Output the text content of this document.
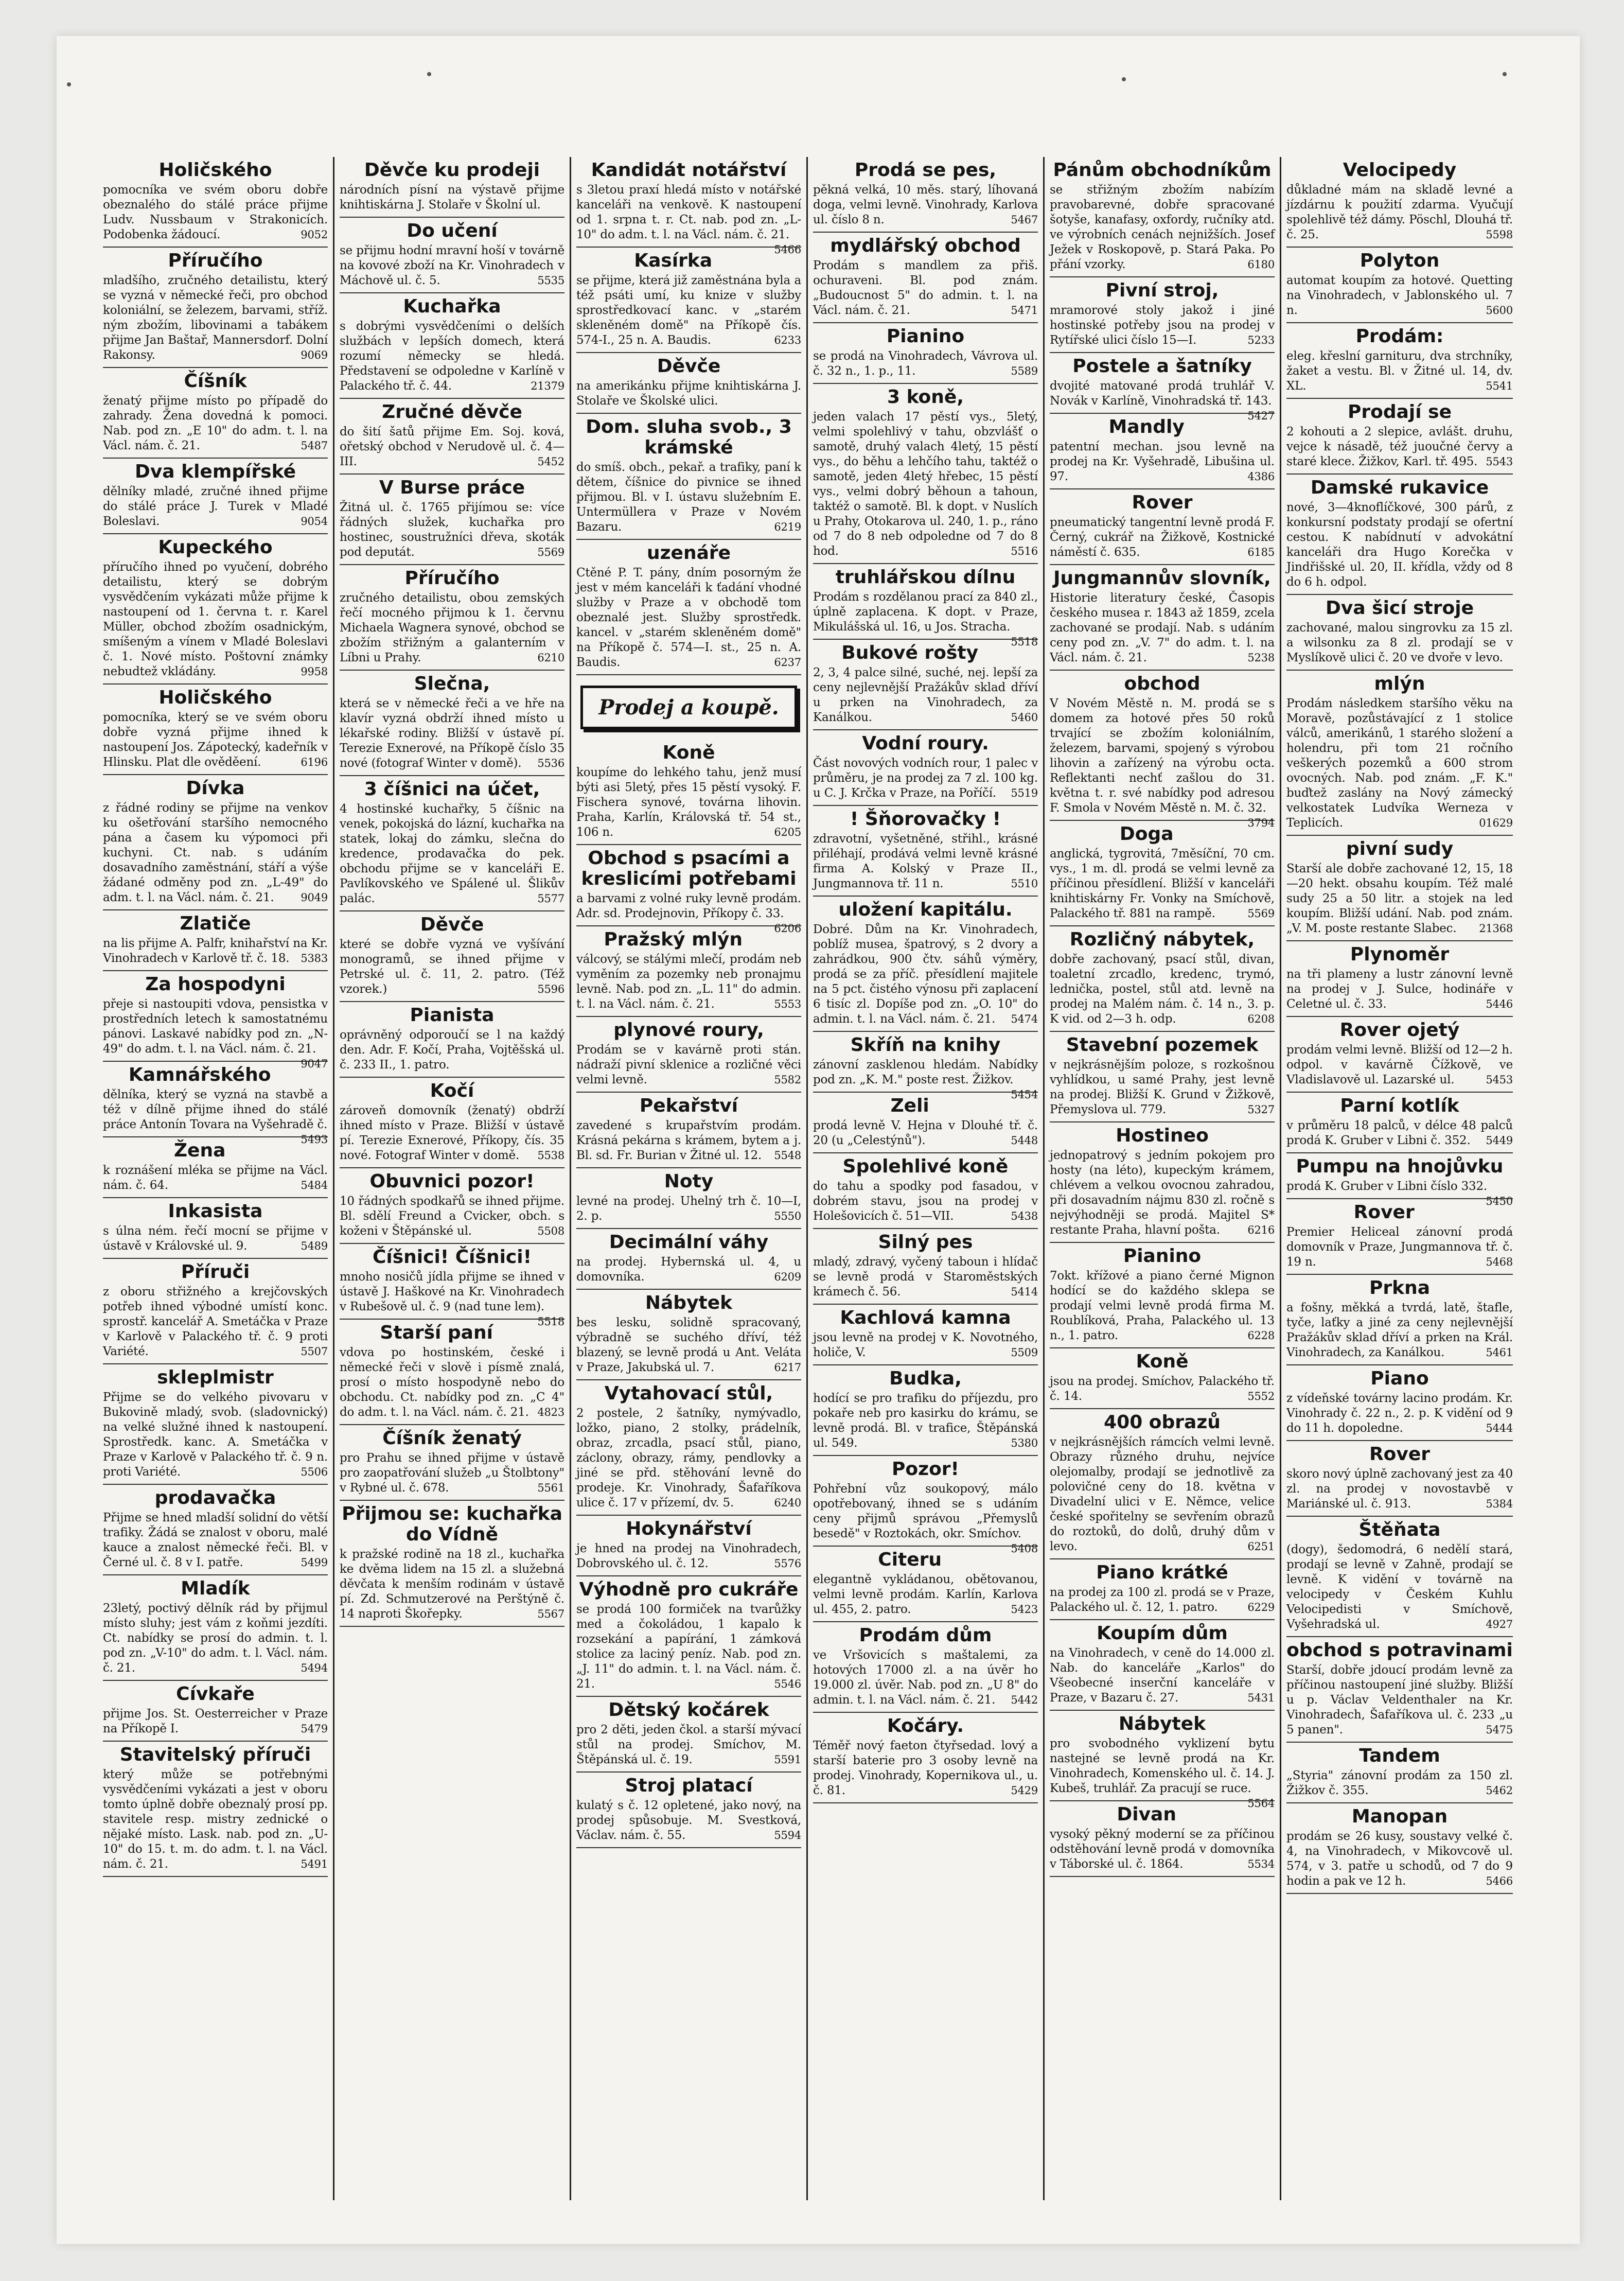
Holičského

pomocníka ve svém oboru dobře obeznalého do stálé práce přijme Ludv. Nussbaum v Strakonicích. Podobenka žádoucí.	9052

Příručího

mladšího, zručného detailistu, který se vyzná v německé řeči, pro obchod koloniální, se železem, barvami, stříž. ným zbožím, libovinami a tabákem přijme Jan Baštař, Mannersdorf. Dolní Rakonsy.	9069

Číšník

ženatý přijme místo po případě do zahrady. Žena dovedná k pomoci. Nab. pod zn. „E 10" do adm. t. l. na Václ. nám. č. 21.	5487

Dva klempířské

dělníky mladé, zručné ihned přijme do stálé práce J. Turek v Mladé Boleslavi.	9054

Kupeckého

příručího ihned po vyučení, dobrého detailistu, který se dobrým vysvědčením vykázati může přijme k nastoupení od 1. června t. r. Karel Müller, obchod zbožím osadnickým, smíšeným a vínem v Mladé Boleslavi č. 1. Nové místo. Poštovní známky nebudtež vkládány.	9958

Holičského

pomocníka, který se ve svém oboru dobře vyzná přijme ihned k nastoupení Jos. Zápotecký, kadeřník v Hlinsku. Plat dle ověděení.	6196

Dívka

z řádné rodiny se přijme na venkov ku ošetřování staršího nemocného pána a časem ku výpomoci při kuchyni. Ct. nab. s udáním dosavadního zaměstnání, stáří a výše žádané odměny pod zn. „L-49" do adm. t. l. na Václ. nám. č. 21. 9049

Zlatiče

na lis přijme A. Palfr, knihařství na Kr. Vinohradech v Karlově tř. č. 18. 5383

Za hospodyni

přeje si nastoupiti vdova, pensistka v prostředních letech k samostatnému pánovi. Laskavé nabídky pod zn. „N-49" do adm. t. l. na Václ. nám. č. 21.
9047

Kamnářského

dělníka, který se vyzná na stavbě a též v dílně přijme ihned do stálé práce Antonín Tovara na Vyšehradě č.
5493

Žena

k roznášení mléka se přijme na Václ. nám. č. 64.	5484

Inkasista

s úlna ném. řečí mocní se přijme v ústavě v Královské ul. 9.	5489

Příruči

z oboru střižného a krejčovských potřeb ihned výbodné umístí konc. sprostř. kancelář A. Smetáčka v Praze v Karlově v Palackého tř. č. 9 proti Variété.	5507

skleplmistr

Přijme se do velkého pivovaru v Bukovině mladý, svob. (sladovnický) na velké služné ihned k nastoupení. Sprostředk. kanc. A. Smetáčka v Praze v Karlově v Palackého tř. č. 9 n. proti Variété.	5506

prodavačka

Přijme se hned mladší solidní do větší trafiky. Žádá se znalost v oboru, malé kauce a znalost německé řeči. Bl. v Černé ul. č. 8 v I. patře.	5499

Mladík

23letý, poctivý dělník rád by přijmul místo sluhy; jest vám z koňmi jezdíti. Ct. nabídky se prosí do admin. t. l. pod zn. „V-10" do adm. t. l. Václ. nám. č. 21.	5494

Cívkaře

přijme Jos. St. Oesterreicher v Praze na Příkopě I.	5479

Stavitelský příruči

který může se potřebnými vysvědčeními vykázati a jest v oboru tomto úplně dobře obeznalý prosí pp. stavitele resp. mistry zednické o nějaké místo. Lask. nab. pod zn. „U-10" do 15. t. m. do adm. t. l. na Václ. nám. č. 21.	5491

Děvče ku prodeji

národních písní na výstavě přijme knihtiskárna J. Stolaře v Školní ul.

Do učení

se přijmu hodní mravní hoší v továrně na kovové zboží na Kr. Vinohradech v Máchově ul. č. 5.	5535

Kuchařka

s dobrými vysvědčeními o delších službách v lepších domech, která rozumí německy se hledá. Představení se odpoledne v Karlíně v Palackého tř. č. 44.	21379

Zručné děvče

do šití šatů přijme Em. Soj. ková, ořetský obchod v Nerudově ul. č. 4—III.	5452

V Burse práce

Žitná ul. č. 1765 přijímou se: více řádných služek, kuchařka pro hostinec, soustružníci dřeva, skoták pod deputát.	5569

Příručího

zručného detailistu, obou zemských řečí mocného přijmou k 1. červnu Michaela Wagnera synové, obchod se zbožím střižným a galanterním v Líbni u Prahy.	6210

Slečna,

která se v německé řeči a ve hře na klavír vyzná obdrží ihned místo u lékařské rodiny. Bližší v ústavě pí. Terezie Exnerové, na Příkopě číslo 35 nové (fotograf Winter v domě). 5536

3 číšnici na účet,

4 hostinské kuchařky, 5 číšnic na venek, pokojská do lázní, kuchařka na statek, lokaj do zámku, slečna do kredence, prodavačka do pek. obchodu přijme se v kanceláři E. Pavlíkovského ve Spálené ul. Šlikův palác.	5577

Děvče

které se dobře vyzná ve vyšívání monogramů, se ihned přijme v Petrské ul. č. 11, 2. patro. (Též vzorek.)	5596

Pianista

oprávněný odporoučí se l na každý den. Adr. F. Kočí, Praha, Vojtěšská ul. č. 233 II., 1. patro.

Kočí

zároveň domovník (ženatý) obdrží ihned místo v Praze. Bližší v ústavě pí. Terezie Exnerové, Příkopy, čís. 35 nové. Fotograf Winter v domě. 5538

Obuvnici pozor!

10 řádných spodkařů se ihned přijme. Bl. sdělí Freund a Cvicker, obch. s koženi v Štěpánské ul.	5508

Číšnici! Číšnici!

mnoho nosičů jídla přijme se ihned v ústavě J. Haškové na Kr. Vinohradech v Rubešově ul. č. 9 (nad tune lem).
5518

Starší paní

vdova po hostinském, české i německé řeči v slově i písmě znalá, prosí o místo hospodyně nebo do obchodu. Ct. nabídky pod zn. „C 4" do adm. t. l. na Václ. nám. č. 21. 4823

Číšník ženatý

pro Prahu se ihned přijme v ústavě pro zaopatřování služeb „u Štolbtony" v Rybné ul. č. 678.	5561

Přijmou se: kuchařka do Vídně

k pražské rodině na 18 zl., kuchařka ke dvěma lidem na 15 zl. a služebná děvčata k menším rodinám v ústavě pí. Zd. Schmutzerové na Perštýně č. 14 naproti Škořepky.	5567

Kandidát notářství

s 3letou praxí hledá místo v notářské kanceláři na venkově. K nastoupení od 1. srpna t. r. Ct. nab. pod zn. „L-10" do adm. t. l. na Václ. nám. č. 21.
5466

Kasírka

se přijme, která již zaměstnána byla a též psáti umí, ku knize v služby sprostředkovací kanc. v „starém skleněném domě" na Příkopě čís. 574-I., 25 n. A. Baudis.	6233

Děvče

na amerikánku přijme knihtiskárna J. Stolaře ve Školské ulici.

Dom. sluha svob., 3 krámské

do smíš. obch., pekař. a trafiky, paní k dětem, číšnice do pivnice se ihned přijmou. Bl. v I. ústavu služebním E. Untermüllera v Praze v Novém Bazaru.	6219

uzenáře

Ctěné P. T. pány, dním posorným že jest v mém kanceláři k ťadání vhodné služby v Praze a v obchodě tom obeznalé jest. Služby sprostředk. kancel. v „starém skleněném domě" na Příkopě č. 574—I. st., 25 n. A. Baudis.	6237

Prodej a koupě.
Koně

koupíme do lehkého tahu, jenž musí býti asi 5letý, přes 15 pěstí vysoký. F. Fischera synové, továrna lihovin. Praha, Karlín, Královská tř. 54 st., 106 n.	6205

Obchod s psacími a kreslicími potřebami

a barvami z volné ruky levně prodám. Adr. sd. Prodejnovin, Příkopy č. 33.
6206

Pražský mlýn

válcový, se stálými mlečí, prodám neb vyměním za pozemky neb pronajmu levně. Nab. pod zn. „L. 11" do admin. t. l. na Václ. nám. č. 21.	5553

plynové roury,

Prodám se v kavárně proti stán. nádraží pivní sklenice a rozličné věci velmi levně.	5582

Pekařství

zavedené s krupařstvím prodám. Krásná pekárna s krámem, bytem a j. Bl. sd. Fr. Burian v Žitné ul. 12. 5548

Noty

levné na prodej. Uhelný trh č. 10—I, 2. p.	5550

Decimální váhy

na prodej. Hybernská ul. 4, u domovníka.	6209

Nábytek

bes lesku, solidně spracovaný, výbradně se suchého dříví, též blazený, se levně prodá u Ant. Veláta v Praze, Jakubská ul. 7.	6217

Vytahovací stůl,

2 postele, 2 šatníky, nymývadlo, ložko, piano, 2 stolky, prádelník, obraz, zrcadla, psací stůl, piano, záclony, obrazy, rámy, pendlovky a jiné se přd. stěhování levně do prodeje. Kr. Vinohrady, Šafaříkova ulice č. 17 v přízemí, dv. 5.	6240

Hokynářství

je hned na prodej na Vinohradech, Dobrovského ul. č. 12.	5576

Výhodně pro cukráře

se prodá 100 formiček na tvarůžky med a čokoládou, 1 kapalo k rozsekání a papírání, 1 zámková stolice za laciný peníz. Nab. pod zn. „J. 11" do admin. t. l. na Václ. nám. č. 21.	5546

Dětský kočárek

pro 2 děti, jeden čkol. a starší mývací stůl na prodej. Smíchov, M. Štěpánská ul. č. 19.	5591

Stroj platací

kulatý s č. 12 opletené, jako nový, na prodej spůsobuje. M. Svestková, Václav. nám. č. 55.	5594

Prodá se pes,

pěkná velká, 10 měs. starý, líhovaná doga, velmi levně. Vinohrady, Karlova ul. číslo 8 n.	5467

mydlářský obchod

Prodám s mandlem za přiš. ochuraveni. Bl. pod znám. „Budoucnost 5" do admin. t. l. na Václ. nám. č. 21.	5471

Pianino

se prodá na Vinohradech, Vávrova ul. č. 32 n., 1. p., 11.	5589

3 koně,

jeden valach 17 pěstí vys., 5letý, velmi spolehlivý v tahu, obzvlášť o samotě, druhý valach 4letý, 15 pěstí vys., do běhu a lehčího tahu, taktéž o samotě, jeden 4letý hřebec, 15 pěstí vys., velmi dobrý běhoun a tahoun, taktéž o samotě. Bl. k dopt. v Nuslích u Prahy, Otokarova ul. 240, 1. p., ráno od 7 do 8 neb odpoledne od 7 do 8 hod.	5516

truhlářskou dílnu

Prodám s rozdělanou prací za 840 zl., úplně zaplacena. K dopt. v Praze, Mikulášská ul. 16, u Jos. Stracha.
5518

Bukové rošty

2, 3, 4 palce silné, suché, nej. lepší za ceny nejlevnější Pražákův sklad dříví u prken na Vinohradech, za Kanálkou.	5460

Vodní roury.

Část novových vodních rour, 1 palec v průměru, je na prodej za 7 zl. 100 kg. u C. J. Krčka v Praze, na Poříčí. 5519

! Šňorovačky !

zdravotní, vyšetněné, střihl., krásné přiléhají, prodává velmi levně krásné firma A. Kolský v Praze II., Jungmannova tř. 11 n.	5510

uložení kapitálu.

Dobré. Dům na Kr. Vinohradech, poblíž musea, špatrový, s 2 dvory a zahrádkou, 900 čtv. sáhů výměry, prodá se za příč. přesídlení majitele na 5 pct. čistého výnosu při zaplacení 6 tisíc zl. Dopíše pod zn. „O. 10" do admin. t. l. na Václ. nám. č. 21. 5474

Skříň na knihy

zánovní zasklenou hledám. Nabídky pod zn. „K. M." poste rest. Žižkov.
5454

Zeli

prodá levně V. Hejna v Dlouhé tř. č. 20 (u „Celestýnů").	5448

Spolehlivé koně

do tahu a spodky pod fasadou, v dobrém stavu, jsou na prodej v Holešovicích č. 51—VII.	5438

Silný pes

mladý, zdravý, vyčený taboun i hlídač se levně prodá v Staroměstských krámech č. 56.	5414

Kachlová kamna

jsou levně na prodej v K. Novotného, holiče, V.	5509

Budka,

hodící se pro trafiku do příjezdu, pro pokaře neb pro kasirku do krámu, se levně prodá. Bl. v trafice, Štěpánská ul. 549.	5380

Pozor!

Pohřební vůz soukopový, málo opotřebovaný, ihned se s udáním ceny přijmů správou „Přemyslů besedě" v Roztokách, okr. Smíchov.
5408

Citeru

elegantně vykládanou, obětovanou, velmi levně prodám. Karlín, Karlova ul. 455, 2. patro.	5423

Prodám dům

ve Vršovicích s maštalemi, za hotových 17000 zl. a na úvěr ho 19.000 zl. úvěr. Nab. pod zn. „U 8" do admin. t. l. na Václ. nám. č. 21. 5442

Kočáry.

Téměř nový faeton čtyřsedad. lový a starší baterie pro 3 osoby levně na prodej. Vinohrady, Kopernikova ul., u. č. 81.	5429

Pánům obchodníkům

se střižným zbožím nabízím pravobarevné, dobře spracované šotyše, kanafasy, oxfordy, ručníky atd. ve výrobních cenách nejnižších. Josef Ježek v Roskopově, p. Stará Paka. Po přání vzorky.	6180

Pivní stroj,

mramorové stoly jakož i jiné hostinské potřeby jsou na prodej v Rytířské ulici číslo 15—I.	5233

Postele a šatníky

dvojité matované prodá truhlář V. Novák v Karlíně, Vinohradská tř. 143.
5427

Mandly

patentní mechan. jsou levně na prodej na Kr. Vyšehradě, Libušina ul. 97.	4386

Rover

pneumatický tangentní levně prodá F. Černý, cukrář na Žižkově, Kostnické náměstí č. 635.	6185

Jungmannův slovník,

Historie literatury české, Časopis českého musea r. 1843 až 1859, zcela zachované se prodají. Nab. s udáním ceny pod zn. „V. 7" do adm. t. l. na Václ. nám. č. 21.	5238

obchod

V Novém Městě n. M. prodá se s domem za hotové přes 50 roků trvající se zbožím koloniálním, železem, barvami, spojený s výrobou lihovin a zařízený na výrobu octa. Reflektanti nechť zašlou do 31. května t. r. své nabídky pod adresou F. Smola v Novém Městě n. M. č. 32.
3794

Doga

anglická, tygrovitá, 7měsíční, 70 cm. vys., 1 m. dl. prodá se velmi levně za příčinou přesídlení. Bližší v kanceláři knihtiskárny Fr. Vonky na Smíchově, Palackého tř. 881 na rampě.	5569

Rozličný nábytek,

dobře zachovaný, psací stůl, divan, toaletní zrcadlo, kredenc, trymó, lednička, postel, stůl atd. levně na prodej na Malém nám. č. 14 n., 3. p. K vid. od 2—3 h. odp.	6208

Stavební pozemek

v nejkrásnějším poloze, s rozkošnou vyhlídkou, u samé Prahy, jest levně na prodej. Bližší K. Grund v Žižkově, Přemyslova ul. 779.	5327

Hostineo

jednopatrový s jedním pokojem pro hosty (na léto), kupeckým krámem, chlévem a velkou ovocnou zahradou, při dosavadním nájmu 830 zl. ročně s nejvýhodněji se prodá. Majitel S* restante Praha, hlavní pošta.	6216

Pianino

7okt. křížové a piano černé Mignon hodící se do každého sklepa se prodají velmi levně prodá firma M. Roublíková, Praha, Palackého ul. 13 n., 1. patro.	6228

Koně

jsou na prodej. Smíchov, Palackého tř. č. 14.	5552

400 obrazů

v nejkrásnějších rámcích velmi levně. Obrazy různého druhu, nejvíce olejomalby, prodají se jednotlivě za polovičné ceny do 18. května v Divadelní ulici v E. Němce, velice české spořitelny se sevřením obrazů do roztoků, do dolů, druhý dům v levo.	6251

Piano krátké

na prodej za 100 zl. prodá se v Praze, Palackého ul. č. 12, 1. patro.	6229

Koupím dům

na Vinohradech, v ceně do 14.000 zl. Nab. do kanceláře „Karlos" do Všeobecné inserční kanceláře v Praze, v Bazaru č. 27.	5431

Nábytek

pro svobodného vyklizení bytu nastejné se levně prodá na Kr. Vinohradech, Komenského ul. č. 14. J. Kubeš, truhlář. Za pracují se ruce.
5564

Divan

vysoký pěkný moderní se za příčinou odstěhování levně prodá v domovníka v Táborské ul. č. 1864.	5534

Velocipedy

důkladné mám na skladě levné a jízdárnu k použití zdarma. Vyučují spolehlivě též dámy. Pöschl, Dlouhá tř. č. 25.	5598

Polyton

automat koupím za hotové. Quetting na Vinohradech, v Jablonského ul. 7 n.	5600

Prodám:

eleg. křeslní garnituru, dva strchníky, žaket a vestu. Bl. v Žitné ul. 14, dv. XL.	5541

Prodají se

2 kohouti a 2 slepice, avlášt. druhu, vejce k násadě, též juoučné červy a staré klece. Žižkov, Karl. tř. 495. 5543

Damské rukavice

nové, 3—4knoflíčkové, 300 párů, z konkursní podstaty prodají se ofertní cestou. K nabídnutí v advokátní kanceláři dra Hugo Korečka v Jindřišské ul. 20, II. křídla, vždy od 8 do 6 h. odpol.

Dva šicí stroje

zachované, malou singrovku za 15 zl. a wilsonku za 8 zl. prodají se v Myslíkově ulici č. 20 ve dvoře v levo.

mlýn

Prodám následkem staršího věku na Moravě, pozůstávající z 1 stolice válců, amerikánů, 1 starého složení a holendru, při tom 21 ročního veškerých pozemků a 600 strom ovocných. Nab. pod znám. „F. K." buďtež zaslány na Nový zámecký velkostatek Ludvíka Werneza v Teplicích.	01629

pivní sudy

Starší ale dobře zachované 12, 15, 18—20 hekt. obsahu koupím. Též malé sudy 25 a 50 litr. a stojek na led koupím. Bližší udání. Nab. pod znám. „V. M. poste restante Slabec. 21368

Plynoměr

na tři plameny a lustr zánovní levně na prodej v J. Sulce, hodináře v Celetné ul. č. 33.	5446

Rover ojetý

prodám velmi levně. Bližší od 12—2 h. odpol. v kavárně Čížkově, ve Vladislavově ul. Lazarské ul.	5453

Parní kotlík

v průměru 18 palců, v délce 48 palců prodá K. Gruber v Libni č. 352. 5449

Pumpu na hnojůvku

prodá K. Gruber v Libni číslo 332.
5450

Rover

Premier Heliceal zánovní prodá domovník v Praze, Jungmannova tř. č. 19 n.	5468

Prkna

a fošny, měkká a tvrdá, latě, štafle, tyče, laťky a jiné za ceny nejlevnější Pražákův sklad dříví a prken na Král. Vinohradech, za Kanálkou.	5461

Piano

z vídeňské továrny lacino prodám. Kr. Vinohrady č. 22 n., 2. p. K vidění od 9 do 11 h. dopoledne.	5444

Rover

skoro nový úplně zachovaný jest za 40 zl. na prodej v novostavbě v Mariánské ul. č. 913.	5384

Štěňata

(dogy), šedomodrá, 6 nedělí stará, prodají se levně v Zahně, prodají se levně. K vidění v továrně na velocipedy v Českém Kuhlu Velocipedisti v Smíchově, Vyšehradská ul.	4927

obchod s potravinami

Starší, dobře jdoucí prodám levně za příčinou nastoupení jiné služby. Bližší u p. Václav Veldenthaler na Kr. Vinohradech, Šafaříkova ul. č. 233 „u 5 panen".	5475

Tandem

„Styria" zánovní prodám za 150 zl. Žižkov č. 355.	5462

Manopan

prodám se 26 kusy, soustavy velké č. 4, na Vinohradech, v Mikovcově ul. 574, v 3. patře u schodů, od 7 do 9 hodin a pak ve 12 h.	5466
